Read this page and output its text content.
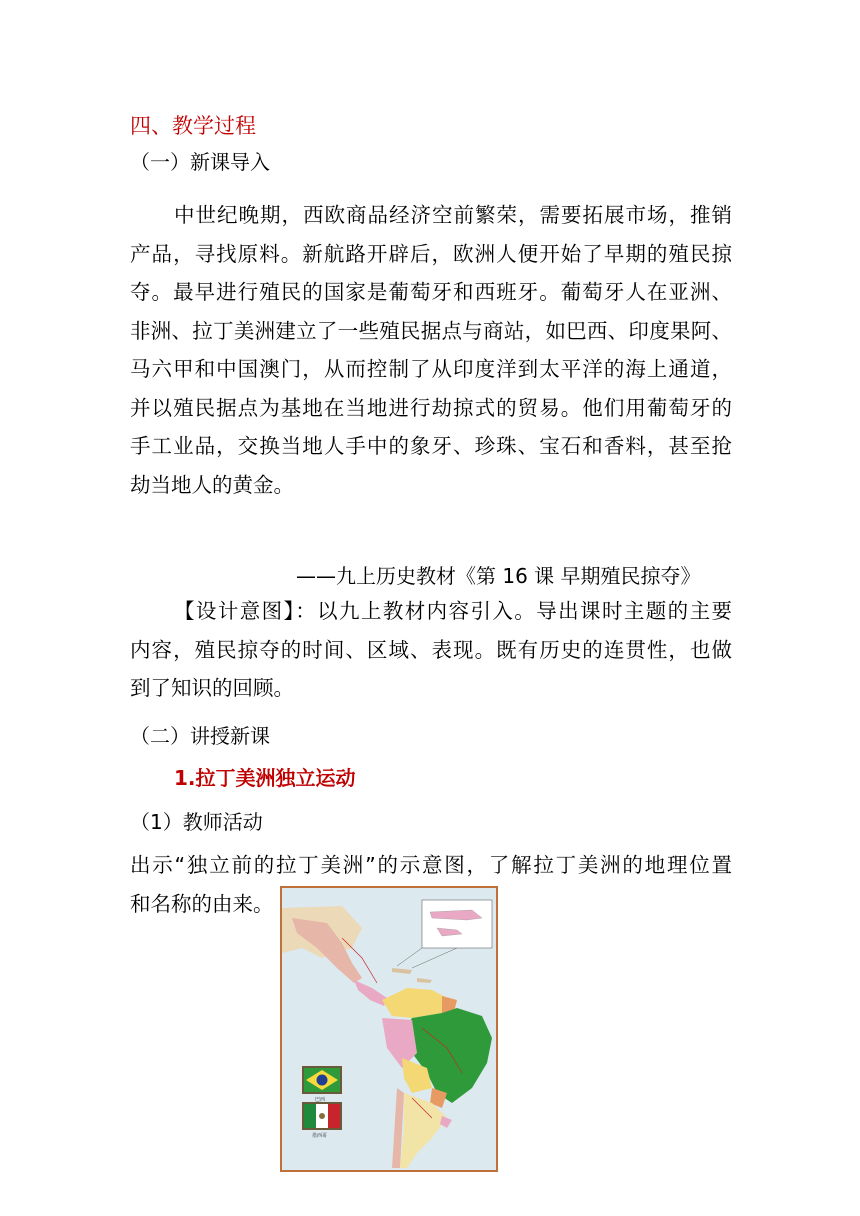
四、教学过程
（一）新课导入
中世纪晚期，西欧商品经济空前繁荣，需要拓展市场，推销
产品，寻找原料。新航路开辟后，欧洲人便开始了早期的殖民掠
夺。最早进行殖民的国家是葡萄牙和西班牙。葡萄牙人在亚洲、
非洲、拉丁美洲建立了一些殖民据点与商站，如巴西、印度果阿、
马六甲和中国澳门，从而控制了从印度洋到太平洋的海上通道，
并以殖民据点为基地在当地进行劫掠式的贸易。他们用葡萄牙的
手工业品，交换当地人手中的象牙、珍珠、宝石和香料，甚至抢
劫当地人的黄金。
——九上历史教材《第 16 课 早期殖民掠夺》
【设计意图】：以九上教材内容引入。导出课时主题的主要
内容，殖民掠夺的时间、区域、表现。既有历史的连贯性，也做
到了知识的回顾。
（二）讲授新课
1.拉丁美洲独立运动
（1）教师活动
出示“独立前的拉丁美洲”的示意图，了解拉丁美洲的地理位置
和名称的由来。
巴西
墨西哥
